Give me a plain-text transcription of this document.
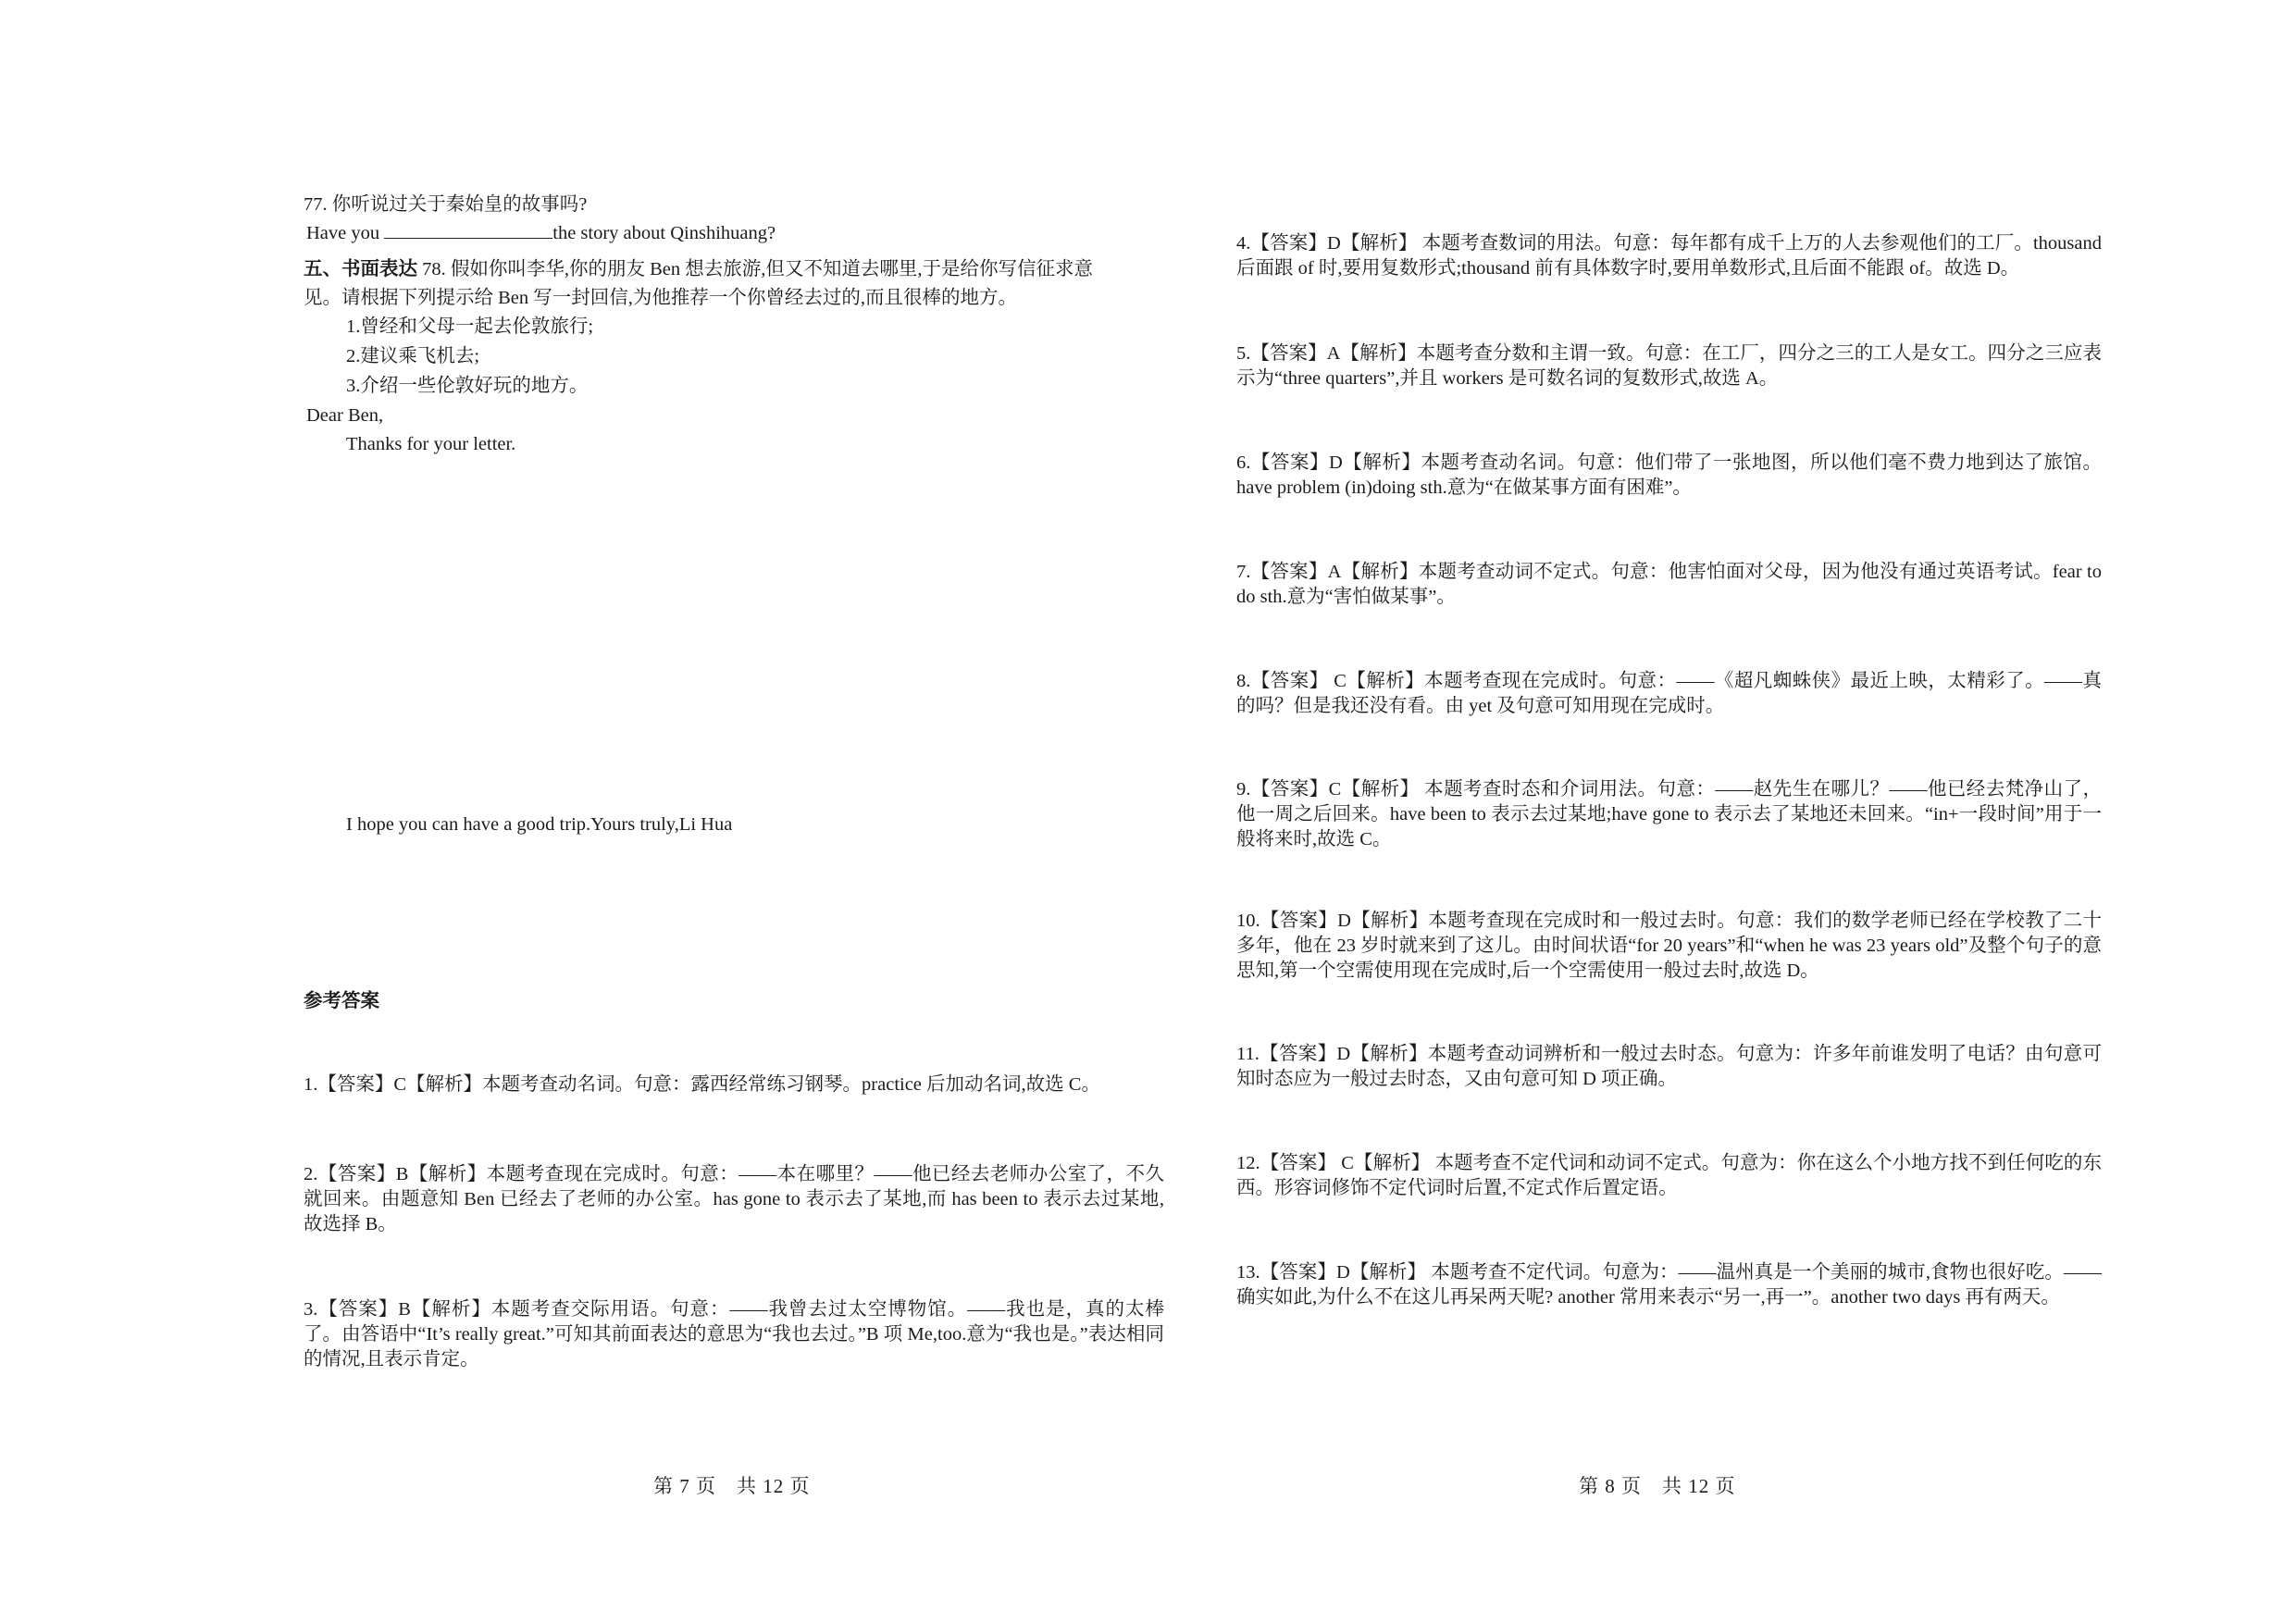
77. 你听说过关于秦始皇的故事吗?

Have you	the story about Qinshihuang?

五、书面表达 78. 假如你叫李华,你的朋友 Ben 想去旅游,但又不知道去哪里,于是给你写信征求意

见。请根据下列提示给 Ben 写一封回信,为他推荐一个你曾经去过的,而且很棒的地方。

1.曾经和父母一起去伦敦旅行;

2.建议乘飞机去;

3.介绍一些伦敦好玩的地方。

Dear Ben,

Thanks for your letter.

I hope you can have a good trip.Yours truly,Li Hua

参考答案

1.【答案】C【解析】本题考查动名词。句意：露西经常练习钢琴。practice 后加动名词,故选 C。

2.【答案】B【解析】本题考查现在完成时。句意：——本在哪里？——他已经去老师办公室了，不久就回来。由题意知 Ben 已经去了老师的办公室。has gone to 表示去了某地,而 has been to 表示去过某地,故选择 B。

3.【答案】B【解析】本题考查交际用语。句意：——我曾去过太空博物馆。——我也是，真的太棒了。由答语中“It’s really great.”可知其前面表达的意思为“我也去过。”B 项 Me,too.意为“我也是。”表达相同的情况,且表示肯定。

4.【答案】D【解析】 本题考查数词的用法。句意：每年都有成千上万的人去参观他们的工厂。thousand 后面跟 of 时,要用复数形式;thousand 前有具体数字时,要用单数形式,且后面不能跟 of。故选 D。

5.【答案】A【解析】本题考查分数和主谓一致。句意：在工厂，四分之三的工人是女工。四分之三应表示为“three quarters”,并且 workers 是可数名词的复数形式,故选 A。

6.【答案】D【解析】本题考查动名词。句意：他们带了一张地图，所以他们毫不费力地到达了旅馆。have problem (in)doing sth.意为“在做某事方面有困难”。

7.【答案】A【解析】本题考查动词不定式。句意：他害怕面对父母，因为他没有通过英语考试。fear to do sth.意为“害怕做某事”。

8.【答案】 C【解析】本题考查现在完成时。句意：——《超凡蜘蛛侠》最近上映，太精彩了。——真的吗？但是我还没有看。由 yet 及句意可知用现在完成时。

9.【答案】C【解析】 本题考查时态和介词用法。句意：——赵先生在哪儿？——他已经去梵净山了，他一周之后回来。have been to 表示去过某地;have gone to 表示去了某地还未回来。“in+一段时间”用于一般将来时,故选 C。

10.【答案】D【解析】本题考查现在完成时和一般过去时。句意：我们的数学老师已经在学校教了二十多年，他在 23 岁时就来到了这儿。由时间状语“for 20 years”和“when he was 23 years old”及整个句子的意思知,第一个空需使用现在完成时,后一个空需使用一般过去时,故选 D。

11.【答案】D【解析】本题考查动词辨析和一般过去时态。句意为：许多年前谁发明了电话？由句意可知时态应为一般过去时态，又由句意可知 D 项正确。

12.【答案】 C【解析】 本题考查不定代词和动词不定式。句意为：你在这么个小地方找不到任何吃的东西。形容词修饰不定代词时后置,不定式作后置定语。

13.【答案】D【解析】 本题考查不定代词。句意为：——温州真是一个美丽的城市,食物也很好吃。——确实如此,为什么不在这儿再呆两天呢? another 常用来表示“另一,再一”。another two days 再有两天。

第 7 页　共 12 页	第 8 页　共 12 页
